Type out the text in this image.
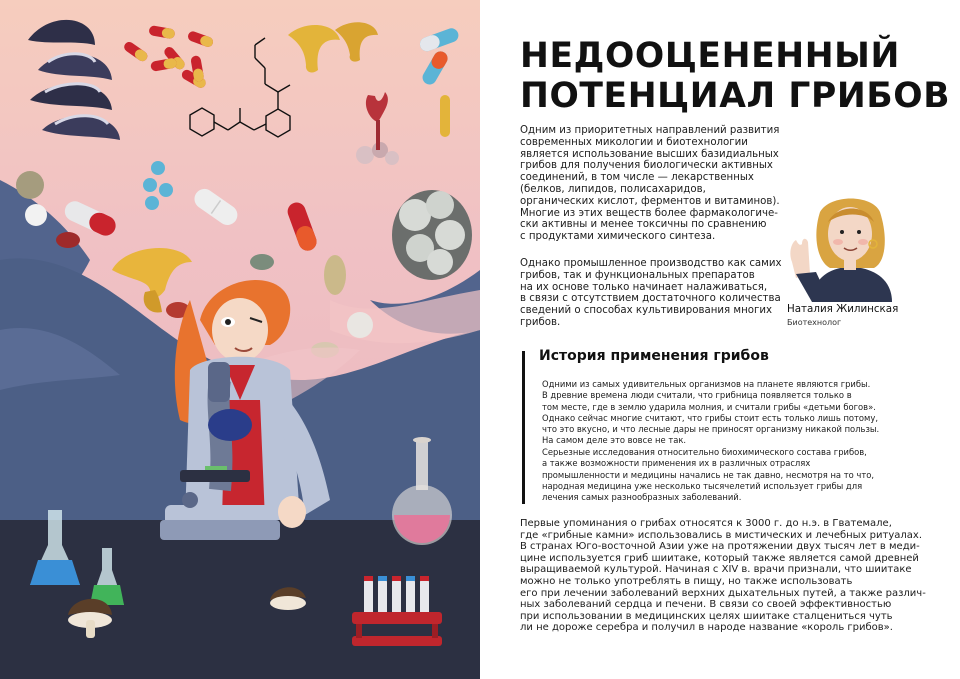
НЕДООЦЕНЕННЫЙ
ПОТЕНЦИАЛ ГРИБОВ

Одним из приоритетных направлений развития
современных микологии и биотехнологии
является использование высших базидиальных
грибов для получения биологически активных
соединений, в том числе — лекарственных
(белков, липидов, полисахаридов,
органических кислот, ферментов и витаминов).
Многие из этих веществ более фармакологиче-
ски активны и менее токсичны по сравнению
с продуктами химического синтеза.

Однако промышленное производство как самих
грибов, так и функциональных препаратов
на их основе только начинает налаживаться,
в связи с отсутствием достаточного количества
сведений о способах культивирования многих
грибов.

Наталия Жилинская
Биотехнолог
История применения грибов

Одними из самых удивительных организмов на планете являются грибы.
В древние времена люди считали, что грибница появляется только в
том месте, где в землю ударила молния, и считали грибы «детьми богов».
Однако сейчас многие считают, что грибы стоит есть только лишь потому,
что это вкусно, и что лесные дары не приносят организму никакой пользы.
На самом деле это вовсе не так.

Серьезные исследования относительно биохимического состава грибов,
а также возможности применения их в различных отраслях
промышленности и медицины начались не так давно, несмотря на то что,
народная медицина уже несколько тысячелетий использует грибы для
лечения самых разнообразных заболеваний.

Первые упоминания о грибах относятся к 3000 г. до н.э. в Гватемале,
где «грибные камни» использовались в мистических и лечебных ритуалах.
В странах Юго-восточной Азии уже на протяжении двух тысяч лет в меди-
цине используется гриб шиитаке, который также является самой древней
выращиваемой культурой. Начиная с XIV в. врачи признали, что шиитаке
можно не только употреблять в пищу, но также использовать
его при лечении заболеваний верхних дыхательных путей, а также различ-
ных заболеваний сердца и печени. В связи со своей эффективностью
при использовании в медицинских целях шиитаке сталцениться чуть
ли не дороже серебра и получил в народе название «король грибов».
